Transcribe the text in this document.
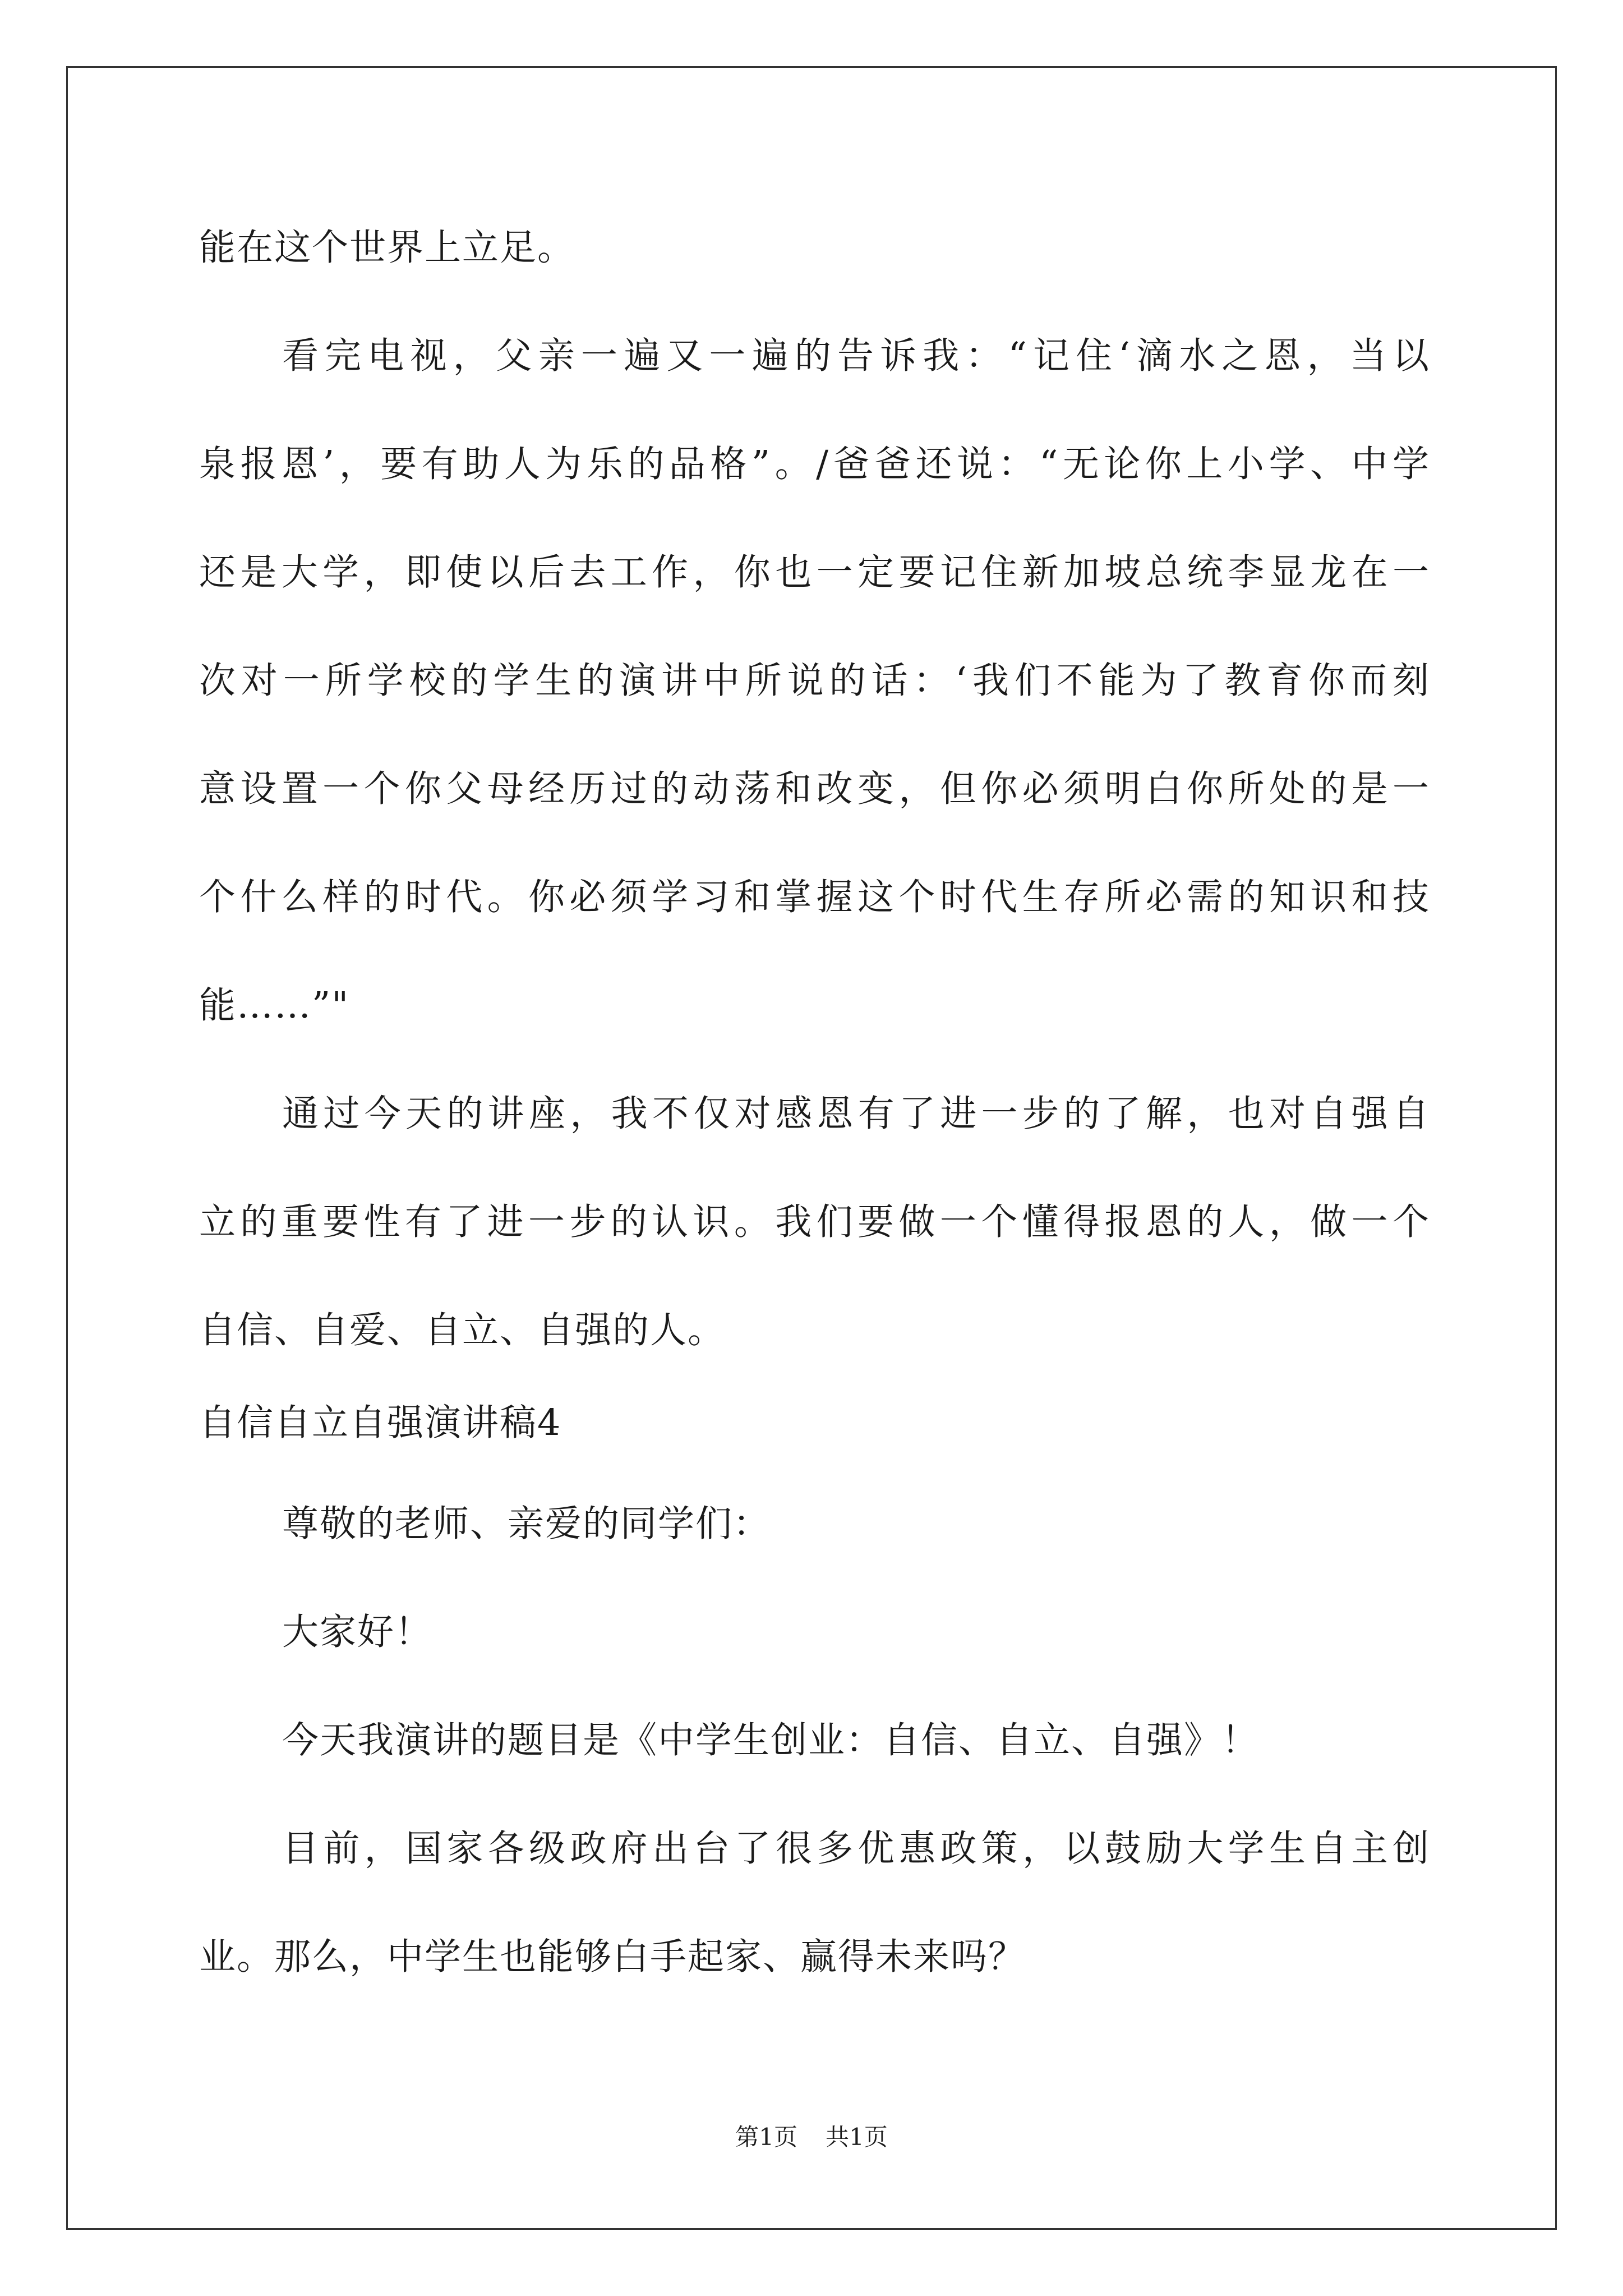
能在这个世界上立足。
看完电视，父亲一遍又一遍的告诉我：“记住‘滴水之恩，当以
泉报恩’，要有助人为乐的品格”。/爸爸还说：“无论你上小学、中学
还是大学，即使以后去工作，你也一定要记住新加坡总统李显龙在一
次对一所学校的学生的演讲中所说的话：‘我们不能为了教育你而刻
意设置一个你父母经历过的动荡和改变，但你必须明白你所处的是一
个什么样的时代。你必须学习和掌握这个时代生存所必需的知识和技
能……”"
通过今天的讲座，我不仅对感恩有了进一步的了解，也对自强自
立的重要性有了进一步的认识。我们要做一个懂得报恩的人，做一个
自信、自爱、自立、自强的人。
自信自立自强演讲稿4
尊敬的老师、亲爱的同学们：
大家好！
今天我演讲的题目是《中学生创业：自信、自立、自强》！
目前，国家各级政府出台了很多优惠政策，以鼓励大学生自主创
业。那么，中学生也能够白手起家、赢得未来吗？
第1页 共1页
